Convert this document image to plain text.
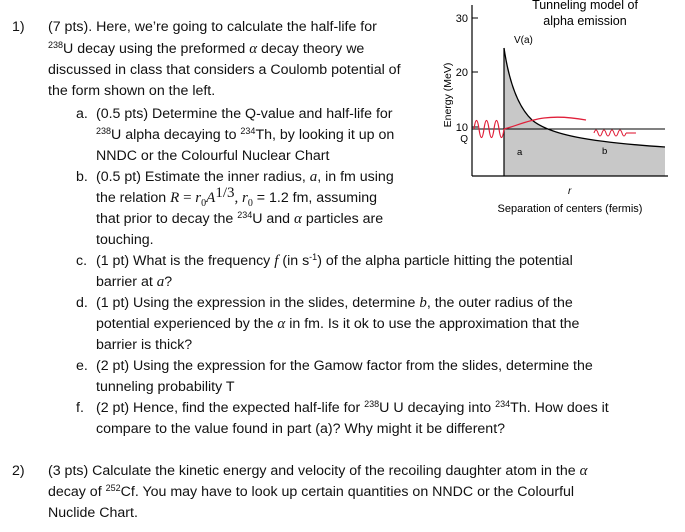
1) (7 pts). Here, we’re going to calculate the half-life for
$^{238}$U decay using the preformed α decay theory we
discussed in class that considers a Coulomb potential of
the form shown on the left.
a. (0.5 pts) Determine the Q-value and half-life for
$^{238}$U alpha decaying to $^{234}$Th, by looking it up on
NNDC or the Colourful Nuclear Chart
b. (0.5 pt) Estimate the inner radius, a, in fm using
the relation $R = r_0A^{1/3}$, $r_0 = 1.2$ fm, assuming
that prior to decay the $^{234}$U and α particles are
touching.
c. (1 pt) What is the frequency f (in $s^{-1}$) of the alpha particle hitting the potential
barrier at a?
d. (1 pt) Using the expression in the slides, determine b, the outer radius of the
potential experienced by the α in fm. Is it ok to use the approximation that the
barrier is thick?
e. (2 pt) Using the expression for the Gamow factor from the slides, determine the
tunneling probability T
f. (2 pt) Hence, find the expected half-life for $^{238}$U U decaying into $^{234}$Th. How does it
compare to the value found in part (a)? Why might it be different?
2) (3 pts) Calculate the kinetic energy and velocity of the recoiling daughter atom in the α
decay of $^{252}$Cf. You may have to look up certain quantities on NNDC or the Colourful
Nuclide Chart.
30
20
10
Q
Tunneling model of
alpha emission
V(a)
Energy (MeV)
a	b
r
Separation of centers (fermis)
